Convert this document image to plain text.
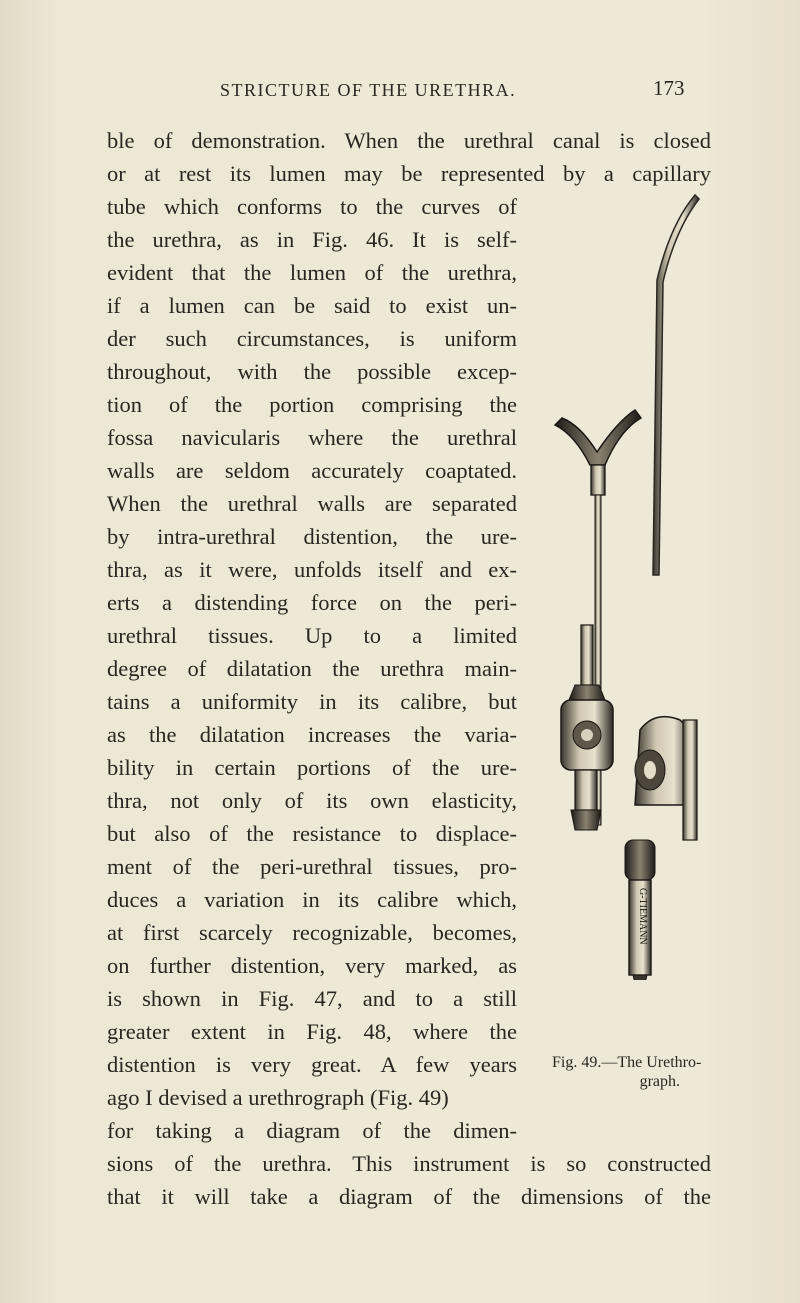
STRICTURE OF THE URETHRA.	173
ble of demonstration. When the urethral canal is closed
or at rest its lumen may be represented by a capillary
tube which conforms to the curves of
the urethra, as in Fig. 46. It is self-
evident that the lumen of the urethra,
if a lumen can be said to exist un-
der such circumstances, is uniform
throughout, with the possible excep-
tion of the portion comprising the
fossa navicularis where the urethral
walls are seldom accurately coaptated.
When the urethral walls are separated
by intra-urethral distention, the ure-
thra, as it were, unfolds itself and ex-
erts a distending force on the peri-
urethral tissues. Up to a limited
degree of dilatation the urethra main-
tains a uniformity in its calibre, but
as the dilatation increases the varia-
bility in certain portions of the ure-
thra, not only of its own elasticity,
but also of the resistance to displace-
ment of the peri-urethral tissues, pro-
duces a variation in its calibre which,
at first scarcely recognizable, becomes,
on further distention, very marked, as
is shown in Fig. 47, and to a still
greater extent in Fig. 48, where the
distention is very great. A few years
ago I devised a urethrograph (Fig. 49)
for taking a diagram of the dimen-
sions of the urethra. This instrument is so constructed
that it will take a diagram of the dimensions of the
G-TIEMANN
Fig. 49.—The Urethro-
graph.
